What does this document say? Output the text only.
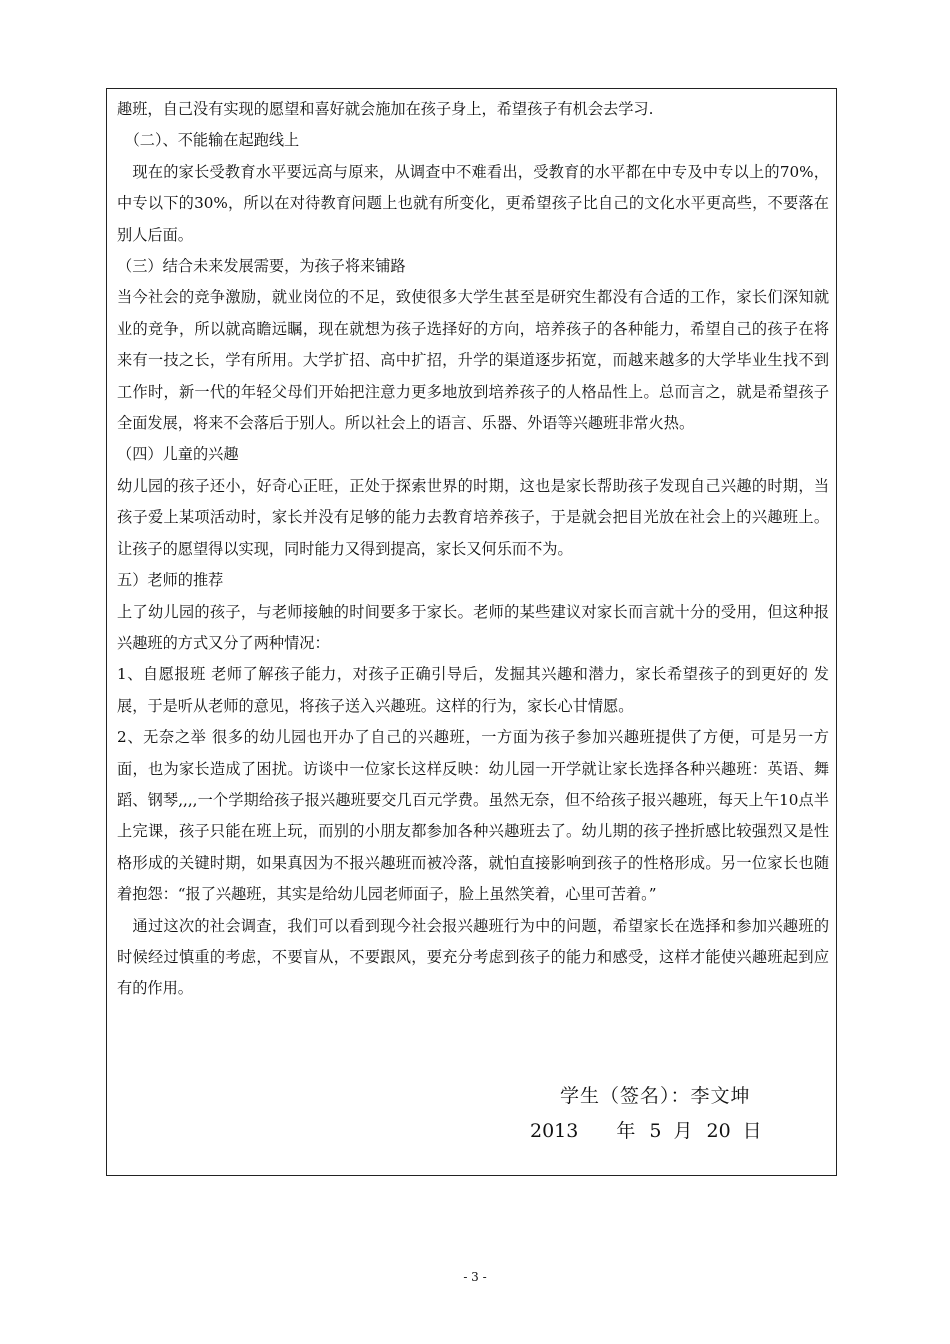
趣班，自己没有实现的愿望和喜好就会施加在孩子身上，希望孩子有机会去学习.

　（二）、不能输在起跑线上

　现在的家长受教育水平要远高与原来，从调查中不难看出，受教育的水平都在中专及中专以上的70%，中专以下的30%，所以在对待教育问题上也就有所变化，更希望孩子比自己的文化水平更高些，不要落在别人后面。

（三）结合未来发展需要，为孩子将来铺路

当今社会的竞争激励，就业岗位的不足，致使很多大学生甚至是研究生都没有合适的工作，家长们深知就业的竞争，所以就高瞻远瞩，现在就想为孩子选择好的方向，培养孩子的各种能力，希望自己的孩子在将来有一技之长，学有所用。大学扩招、高中扩招，升学的渠道逐步拓宽，而越来越多的大学毕业生找不到工作时，新一代的年轻父母们开始把注意力更多地放到培养孩子的人格品性上。总而言之，就是希望孩子全面发展，将来不会落后于别人。所以社会上的语言、乐器、外语等兴趣班非常火热。

（四）儿童的兴趣

幼儿园的孩子还小，好奇心正旺，正处于探索世界的时期，这也是家长帮助孩子发现自己兴趣的时期，当孩子爱上某项活动时，家长并没有足够的能力去教育培养孩子，于是就会把目光放在社会上的兴趣班上。让孩子的愿望得以实现，同时能力又得到提高，家长又何乐而不为。

五）老师的推荐

上了幼儿园的孩子，与老师接触的时间要多于家长。老师的某些建议对家长而言就十分的受用，但这种报兴趣班的方式又分了两种情况：

1、自愿报班 老师了解孩子能力，对孩子正确引导后，发掘其兴趣和潜力，家长希望孩子的到更好的 发展，于是听从老师的意见，将孩子送入兴趣班。这样的行为，家长心甘情愿。

2、无奈之举 很多的幼儿园也开办了自己的兴趣班，一方面为孩子参加兴趣班提供了方便，可是另一方面，也为家长造成了困扰。访谈中一位家长这样反映：幼儿园一开学就让家长选择各种兴趣班：英语、舞蹈、钢琴,,,,一个学期给孩子报兴趣班要交几百元学费。虽然无奈，但不给孩子报兴趣班，每天上午10点半上完课，孩子只能在班上玩，而别的小朋友都参加各种兴趣班去了。幼儿期的孩子挫折感比较强烈又是性格形成的关键时期，如果真因为不报兴趣班而被冷落，就怕直接影响到孩子的性格形成。另一位家长也随着抱怨：“报了兴趣班，其实是给幼儿园老师面子，脸上虽然笑着，心里可苦着。”

　通过这次的社会调查，我们可以看到现今社会报兴趣班行为中的问题，希望家长在选择和参加兴趣班的时候经过慎重的考虑，不要盲从，不要跟风，要充分考虑到孩子的能力和感受，这样才能使兴趣班起到应有的作用。

学生（签名）：李文坤
2013 年 5 月 20 日
- 3 -
